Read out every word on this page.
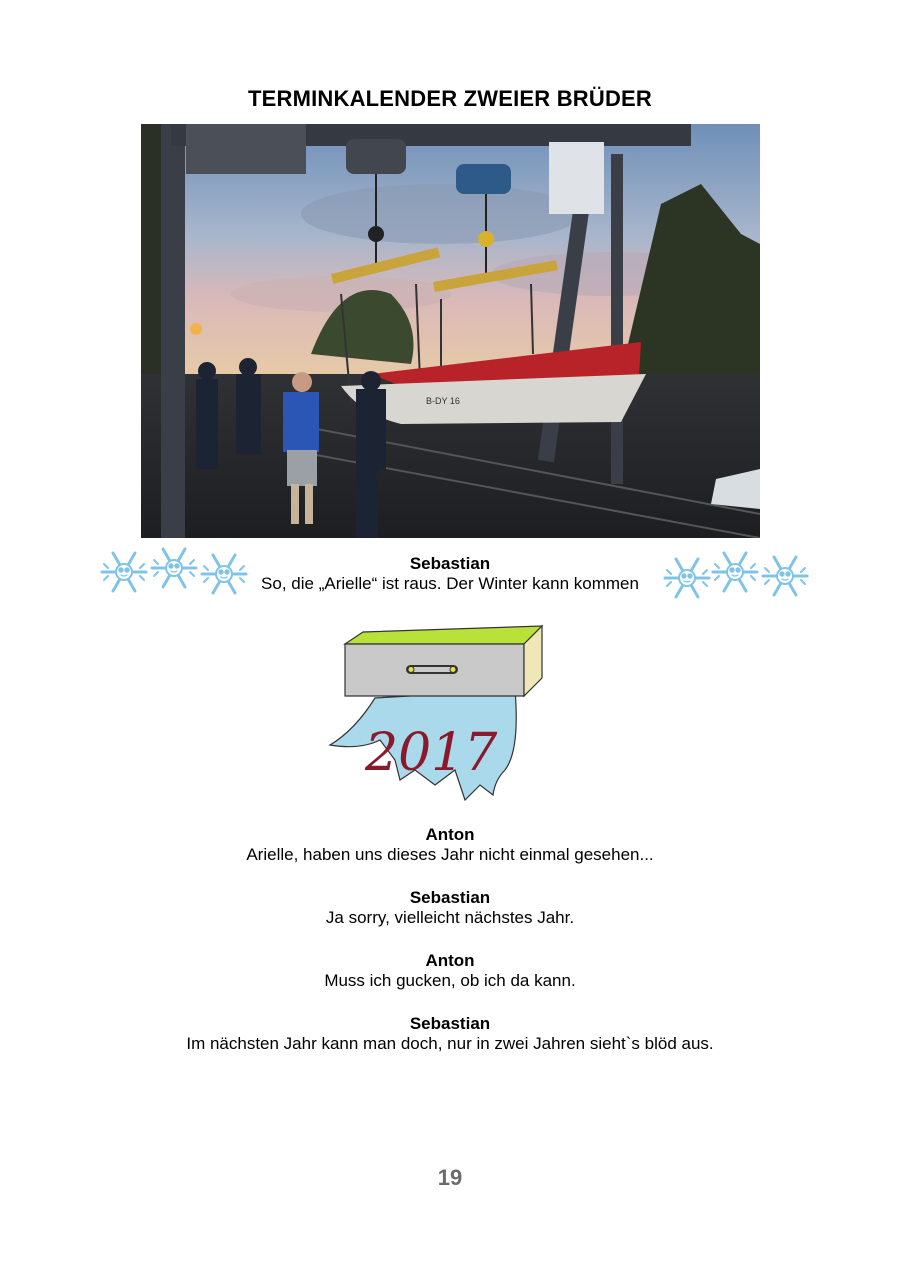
TERMINKALENDER ZWEIER BRÜDER
B-DY 16
Sebastian
So, die „Arielle“ ist raus. Der Winter kann kommen
2017
Anton
Arielle, haben uns dieses Jahr nicht einmal gesehen...
Sebastian
Ja sorry, vielleicht nächstes Jahr.
Anton
Muss ich gucken, ob ich da kann.
Sebastian
Im nächsten Jahr kann man doch, nur in zwei Jahren sieht`s blöd aus.
19
